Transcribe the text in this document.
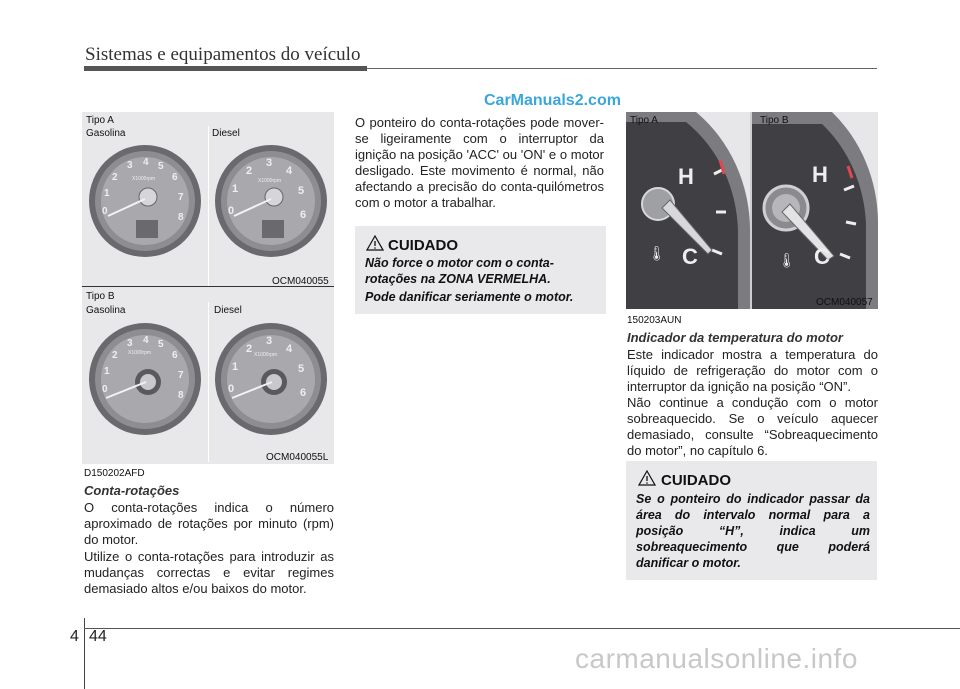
Sistemas e equipamentos do veículo
CarManuals2.com
Tipo A
Gasolina	Diesel
OCM040055
Tipo B
Gasolina	Diesel
OCM040055L
0
1
2
3 4 5
6
7
8
X1000rpm
0
1
2
3
4
5
6
X1000rpm
0
1
2
3 4 5
6
7
8
X1000rpm
0
1
2
3
4
5
6
X1000rpm
D150202AFD
Conta-rotações
O conta-rotações indica o número aproximado de rotações por minuto (rpm) do motor.
Utilize o conta-rotações para introduzir as mudanças correctas e evitar regimes demasiado altos e/ou baixos do motor.
O ponteiro do conta-rotações pode mover-se ligeiramente com o interruptor da ignição na posição 'ACC' ou 'ON' e o motor desligado. Este movimento é normal, não afectando a precisão do conta-quilómetros com o motor a trabalhar.
CUIDADO
Não force o motor com o conta-rotações na ZONA VERMELHA.
Pode danificar seriamente o motor.
H
C
🌡
Tipo A
H
C
🌡
Tipo B
OCM040057
150203AUN
Indicador da temperatura do motor
Este indicador mostra a temperatura do líquido de refrigeração do motor com o interruptor da ignição na posição “ON”.
Não continue a condução com o motor sobreaquecido. Se o veículo aquecer demasiado, consulte “Sobreaquecimento do motor”, no capítulo 6.
CUIDADO
Se o ponteiro do indicador passar da área do intervalo normal para a posição “H”, indica um sobreaquecimento que poderá danificar o motor.
4 44
carmanualsonline.info
